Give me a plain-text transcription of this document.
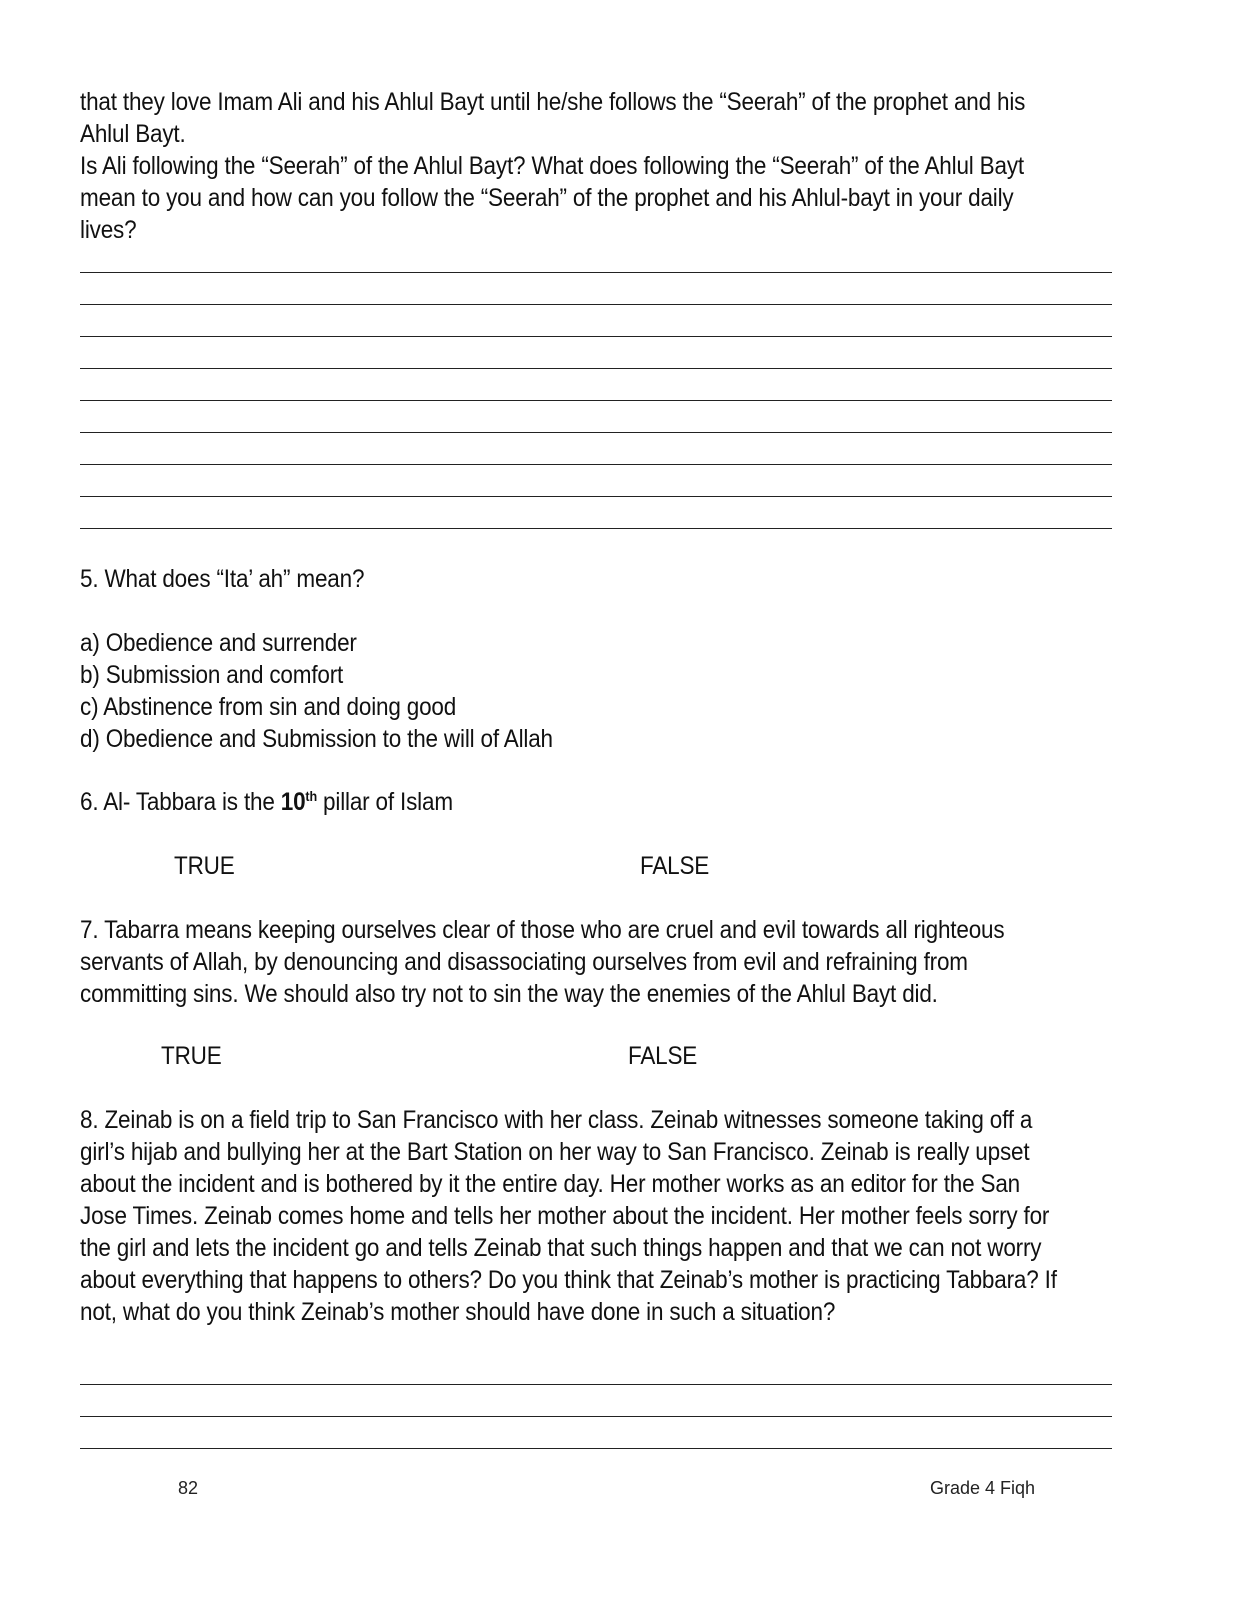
that they love Imam Ali and his Ahlul Bayt until he/she follows the “Seerah” of the prophet and his
Ahlul Bayt.
Is Ali following the “Seerah” of the Ahlul Bayt? What does following the “Seerah” of the Ahlul Bayt
mean to you and how can you follow the “Seerah” of the prophet and his Ahlul-bayt in your daily
lives?
5. What does “Ita’ ah” mean?
a) Obedience and surrender
b) Submission and comfort
c) Abstinence from sin and doing good
d) Obedience and Submission to the will of Allah
6. Al- Tabbara is the 10th pillar of Islam
TRUE	FALSE
7. Tabarra means keeping ourselves clear of those who are cruel and evil towards all righteous
servants of Allah, by denouncing and disassociating ourselves from evil and refraining from
committing sins. We should also try not to sin the way the enemies of the Ahlul Bayt did.
TRUE	FALSE
8. Zeinab is on a field trip to San Francisco with her class. Zeinab witnesses someone taking off a
girl’s hijab and bullying her at the Bart Station on her way to San Francisco. Zeinab is really upset
about the incident and is bothered by it the entire day. Her mother works as an editor for the San
Jose Times. Zeinab comes home and tells her mother about the incident. Her mother feels sorry for
the girl and lets the incident go and tells Zeinab that such things happen and that we can not worry
about everything that happens to others? Do you think that Zeinab’s mother is practicing Tabbara? If
not, what do you think Zeinab’s mother should have done in such a situation?
82	Grade 4 Fiqh
